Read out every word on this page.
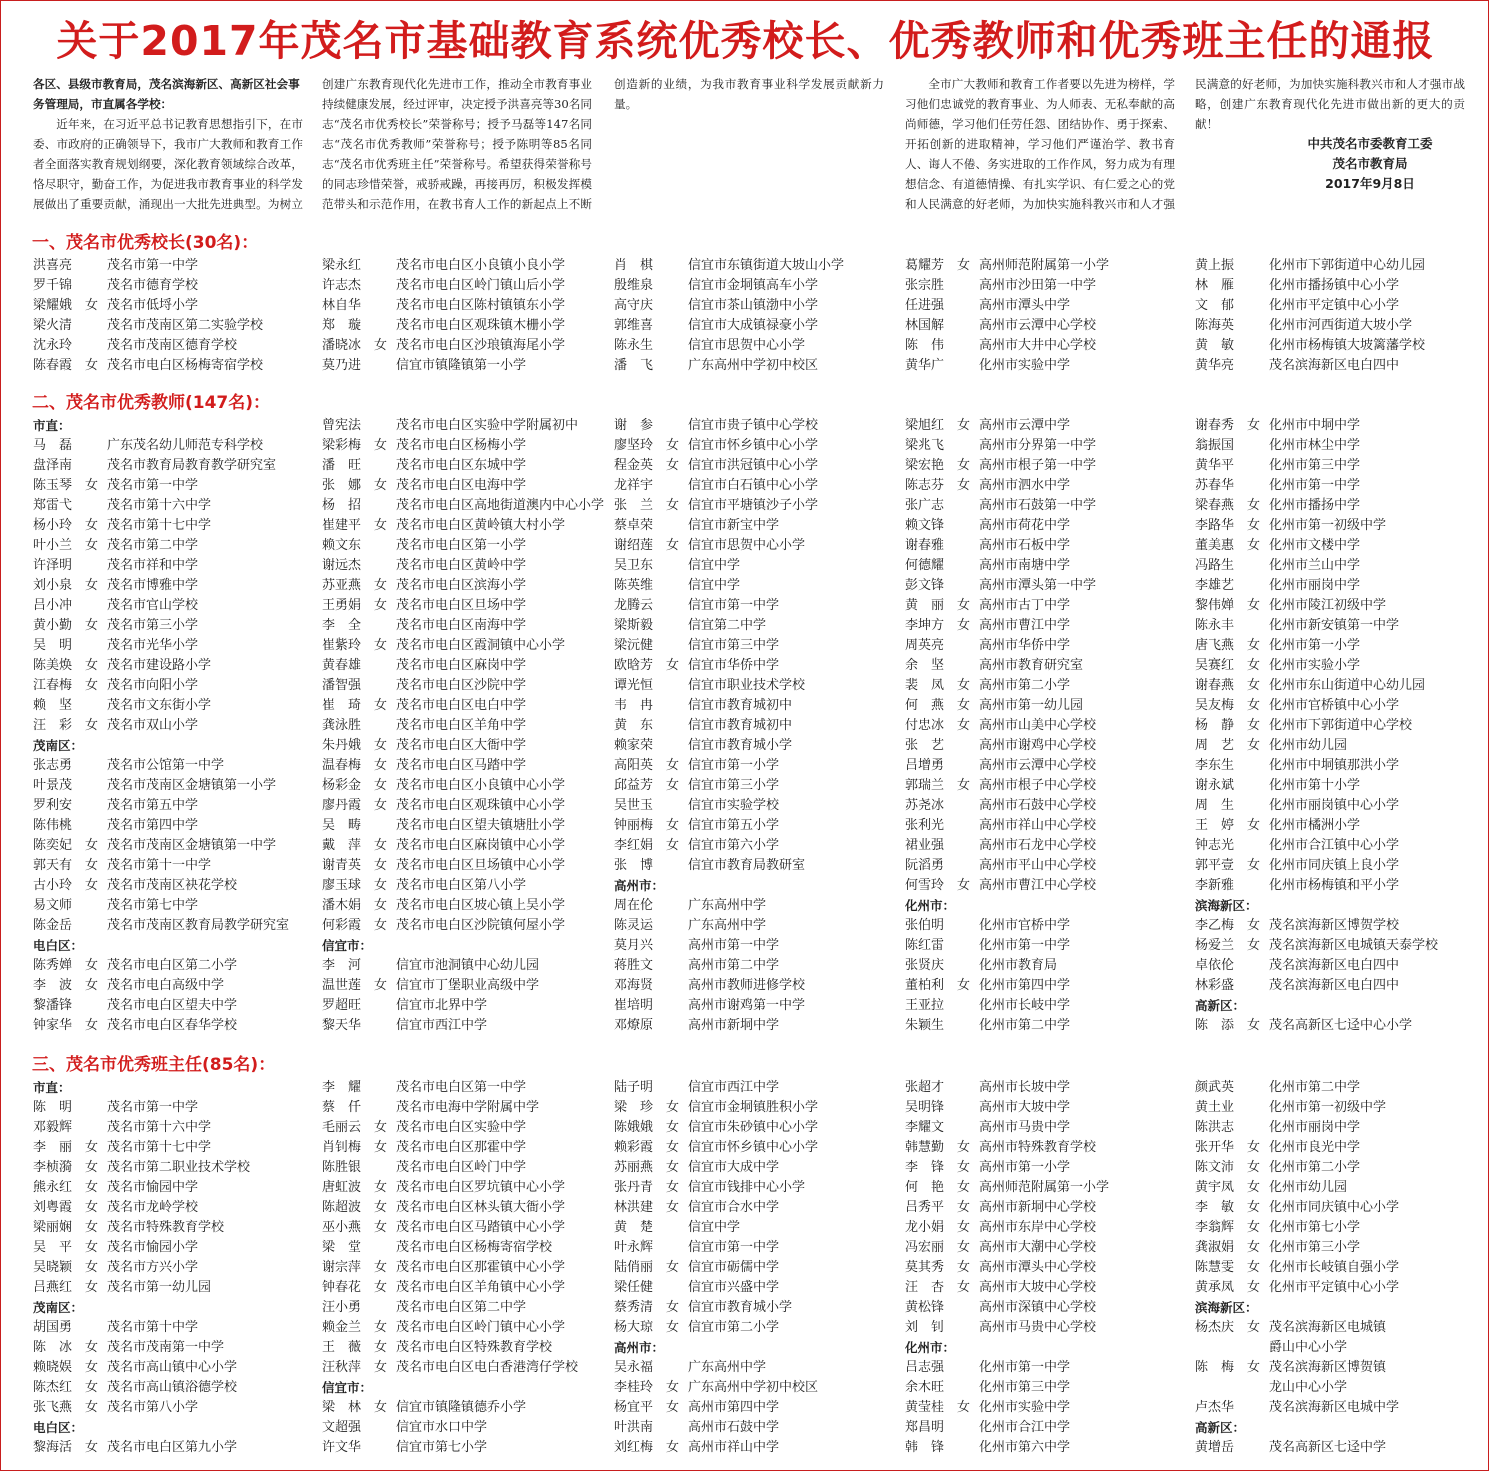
关于2017年茂名市基础教育系统优秀校长、优秀教师和优秀班主任的通报
各区、县级市教育局，茂名滨海新区、高新区社会事务管理局，市直属各学校：
近年来，在习近平总书记教育思想指引下，在市委、市政府的正确领导下，我市广大教师和教育工作者全面落实教育规划纲要，深化教育领域综合改革，恪尽职守，勤奋工作，为促进我市教育事业的科学发展做出了重要贡献，涌现出一大批先进典型。为树立
创建广东教育现代化先进市工作，推动全市教育事业持续健康发展，经过评审，决定授予洪喜亮等30名同志“茂名市优秀校长”荣誉称号；授予马磊等147名同志“茂名市优秀教师”荣誉称号；授予陈明等85名同志“茂名市优秀班主任”荣誉称号。希望获得荣誉称号的同志珍惜荣誉，戒骄戒躁，再接再厉，积极发挥模范带头和示范作用，在教书育人工作的新起点上不断
创造新的业绩，为我市教育事业科学发展贡献新力量。
全市广大教师和教育工作者要以先进为榜样，学习他们忠诚党的教育事业、为人师表、无私奉献的高尚师德，学习他们任劳任怨、团结协作、勇于探索、开拓创新的进取精神，学习他们严谨治学、教书育人、诲人不倦、务实进取的工作作风，努力成为有理想信念、有道德情操、有扎实学识、有仁爱之心的党和人民满意的好老师，为加快实施科教兴市和人才强
民满意的好老师，为加快实施科教兴市和人才强市战略，创建广东教育现代化先进市做出新的更大的贡献！
中共茂名市委教育工委
茂名市教育局
2017年9月8日
一、茂名市优秀校长(30名)：
二、茂名市优秀教师(147名)：
三、茂名市优秀班主任(85名)：
洪喜亮	茂名市第一中学
罗千锦	茂名市德育学校
梁耀娥 女 茂名市低埒小学
梁火清	茂名市茂南区第二实验学校
沈永玲	茂名市茂南区德育学校
陈春霞 女 茂名市电白区杨梅寄宿学校
梁永红	茂名市电白区小良镇小良小学
许志杰	茂名市电白区岭门镇山后小学
林自华	茂名市电白区陈村镇镇东小学
郑　璇	茂名市电白区观珠镇木栅小学
潘晓冰 女 茂名市电白区沙琅镇海尾小学
莫乃进	信宜市镇隆镇第一小学
肖　棋	信宜市东镇街道大坡山小学
殷维泉	信宜市金垌镇高车小学
高守庆	信宜市茶山镇渤中小学
郭维喜	信宜市大成镇禄豪小学
陈永生	信宜市思贺中心小学
潘　飞	广东高州中学初中校区
葛耀芳 女 高州师范附属第一小学
张宗胜	高州市沙田第一中学
任进强	高州市潭头中学
林国解	高州市云潭中心学校
陈　伟	高州市大井中心学校
黄华广	化州市实验中学
黄上振	化州市下郭街道中心幼儿园
林　雁	化州市播扬镇中心小学
文　郁	化州市平定镇中心小学
陈海英	化州市河西街道大坡小学
黄　敏	化州市杨梅镇大坡篱藩学校
黄华亮	茂名滨海新区电白四中
市直：
马　磊	广东茂名幼儿师范专科学校
盘泽南	茂名市教育局教育教学研究室
陈玉琴 女 茂名市第一中学
郑雷弋	茂名市第十六中学
杨小玲 女 茂名市第十七中学
叶小兰 女 茂名市第二中学
许泽明	茂名市祥和中学
刘小泉 女 茂名市博雅中学
吕小冲	茂名市官山学校
黄小勤 女 茂名市第三小学
吴　明	茂名市光华小学
陈美焕 女 茂名市建设路小学
江春梅 女 茂名市向阳小学
赖　坚	茂名市文东街小学
汪　彩 女 茂名市双山小学
茂南区：
张志勇	茂名市公馆第一中学
叶景茂	茂名市茂南区金塘镇第一小学
罗利安	茂名市第五中学
陈伟桃	茂名市第四中学
陈奕妃 女 茂名市茂南区金塘镇第一中学
郭天有 女 茂名市第十一中学
古小玲 女 茂名市茂南区袂花学校
易文师	茂名市第七中学
陈金岳	茂名市茂南区教育局教学研究室
电白区：
陈秀婵 女 茂名市电白区第二小学
李　波 女 茂名市电白高级中学
黎潘锋	茂名市电白区望夫中学
钟家华 女 茂名市电白区春华学校
曾宪法	茂名市电白区实验中学附属初中
梁彩梅 女 茂名市电白区杨梅小学
潘　旺	茂名市电白区东城中学
张　娜 女 茂名市电白区电海中学
杨　招	茂名市电白区高地街道澳内中心小学
崔建平 女 茂名市电白区黄岭镇大村小学
赖文东	茂名市电白区第一小学
谢远杰	茂名市电白区黄岭中学
苏亚燕 女 茂名市电白区滨海小学
王勇娟 女 茂名市电白区旦场中学
李　全	茂名市电白区南海中学
崔紫玲 女 茂名市电白区霞洞镇中心小学
黄春雄	茂名市电白区麻岗中学
潘智强	茂名市电白区沙院中学
崔　琦 女 茂名市电白区电白中学
龚泳胜	茂名市电白区羊角中学
朱丹娥 女 茂名市电白区大衙中学
温春梅 女 茂名市电白区马踏中学
杨彩金 女 茂名市电白区小良镇中心小学
廖丹霞 女 茂名市电白区观珠镇中心小学
吴　畴	茂名市电白区望夫镇塘肚小学
戴　萍 女 茂名市电白区麻岗镇中心小学
谢青英 女 茂名市电白区旦场镇中心小学
廖玉球 女 茂名市电白区第八小学
潘木娟 女 茂名市电白区坡心镇上吴小学
何彩霞 女 茂名市电白区沙院镇何屋小学
信宜市：
李　河	信宜市池洞镇中心幼儿园
温世莲 女 信宜市丁堡职业高级中学
罗超旺	信宜市北界中学
黎天华	信宜市西江中学
谢　参	信宜市贵子镇中心学校
廖坚玲 女 信宜市怀乡镇中心小学
程金英 女 信宜市洪冠镇中心小学
龙祥宇	信宜市白石镇中心小学
张　兰 女 信宜市平塘镇沙子小学
蔡卓荣	信宜市新宝中学
谢绍莲 女 信宜市思贺中心小学
吴卫东	信宜中学
陈英维	信宜中学
龙腾云	信宜市第一中学
梁斯毅	信宜第二中学
梁沅健	信宜市第三中学
欧晗芳 女 信宜市华侨中学
谭光恒	信宜市职业技术学校
韦　冉	信宜市教育城初中
黄　东	信宜市教育城初中
赖家荣	信宜市教育城小学
高阳英 女 信宜市第一小学
邱益芳 女 信宜市第三小学
吴世玉	信宜市实验学校
钟丽梅 女 信宜市第五小学
李红娟 女 信宜市第六小学
张　博	信宜市教育局教研室
高州市：
周在伦	广东高州中学
陈灵运	广东高州中学
莫月兴	高州市第一中学
蒋胜文	高州市第二中学
邓海贤	高州市教师进修学校
崔培明	高州市谢鸡第一中学
邓燎原	高州市新垌中学
梁旭红 女 高州市云潭中学
梁兆飞	高州市分界第一中学
梁宏艳 女 高州市根子第一中学
陈志芬 女 高州市泗水中学
张广志	高州市石鼓第一中学
赖文锋	高州市荷花中学
谢春雅	高州市石板中学
何德耀	高州市南塘中学
彭文锋	高州市潭头第一中学
黄　丽 女 高州市古丁中学
李坤方 女 高州市曹江中学
周英亮	高州市华侨中学
余　坚	高州市教育研究室
裴　凤 女 高州市第二小学
何　燕 女 高州市第一幼儿园
付忠冰 女 高州市山美中心学校
张　艺	高州市谢鸡中心学校
吕增勇	高州市云潭中心学校
郭瑞兰 女 高州市根子中心学校
苏尧冰	高州市石鼓中心学校
张利光	高州市祥山中心学校
裙业强	高州市石龙中心学校
阮滔勇	高州市平山中心学校
何雪玲 女 高州市曹江中心学校
化州市：
张伯明	化州市官桥中学
陈红雷	化州市第一中学
张贤庆	化州市教育局
董柏利 女 化州市第四中学
王亚拉	化州市长岐中学
朱颖生	化州市第二中学
谢春秀 女 化州市中垌中学
翁振国	化州市林尘中学
黄华平	化州市第三中学
苏春华	化州市第一中学
梁春燕 女 化州市播扬中学
李路华 女 化州市第一初级中学
董美惠 女 化州市文楼中学
冯路生	化州市兰山中学
李雄艺	化州市丽岗中学
黎伟婵 女 化州市陵江初级中学
陈永丰	化州市新安镇第一中学
唐飞燕 女 化州市第一小学
吴赛红 女 化州市实验小学
谢春燕 女 化州市东山街道中心幼儿园
吴友梅 女 化州市官桥镇中心小学
杨　静 女 化州市下郭街道中心学校
周　艺 女 化州市幼儿园
李东生	化州市中垌镇那洪小学
谢永斌	化州市第十小学
周　生	化州市丽岗镇中心小学
王　婷 女 化州市橘洲小学
钟志光	化州市合江镇中心小学
郭平壹 女 化州市同庆镇上良小学
李新雅	化州市杨梅镇和平小学
滨海新区：
李乙梅 女 茂名滨海新区博贺学校
杨爱兰 女 茂名滨海新区电城镇天泰学校
卓依伦	茂名滨海新区电白四中
林彩盛	茂名滨海新区电白四中
高新区：
陈　添 女 茂名高新区七迳中心小学
市直：
陈　明	茂名市第一中学
邓毅辉	茂名市第十六中学
李　丽 女 茂名市第十七中学
李桢漪 女 茂名市第二职业技术学校
熊永红 女 茂名市愉园中学
刘粤霞 女 茂名市龙岭学校
梁丽娴 女 茂名市特殊教育学校
吴　平 女 茂名市愉园小学
吴晓颖 女 茂名市方兴小学
吕燕红 女 茂名市第一幼儿园
茂南区：
胡国勇	茂名市第十中学
陈　冰 女 茂名市茂南第一中学
赖晓娱 女 茂名市高山镇中心小学
陈杰红 女 茂名市高山镇浴德学校
张飞燕 女 茂名市第八小学
电白区：
黎海活 女 茂名市电白区第九小学
李　耀	茂名市电白区第一中学
蔡　仟	茂名市电海中学附属中学
毛丽云 女 茂名市电白区实验中学
肖钊梅 女 茂名市电白区那霍中学
陈胜银	茂名市电白区岭门中学
唐虹波 女 茂名市电白区罗坑镇中心小学
陈超波 女 茂名市电白区林头镇大衙小学
巫小燕 女 茂名市电白区马踏镇中心小学
梁　堂	茂名市电白区杨梅寄宿学校
谢宗萍 女 茂名市电白区那霍镇中心小学
钟春花 女 茂名市电白区羊角镇中心小学
汪小勇	茂名市电白区第二中学
赖金兰 女 茂名市电白区岭门镇中心小学
王　薇 女 茂名市电白区特殊教育学校
汪秋萍 女 茂名市电白区电白香港湾仔学校
信宜市：
梁　林 女 信宜市镇隆镇德乔小学
文超强	信宜市水口中学
许文华	信宜市第七小学
陆子明	信宜市西江中学
梁　珍 女 信宜市金垌镇胜积小学
陈娥娥 女 信宜市朱砂镇中心小学
赖彩霞 女 信宜市怀乡镇中心小学
苏丽燕 女 信宜市大成中学
张丹青 女 信宜市钱排中心小学
林洪建 女 信宜市合水中学
黄　楚	信宜中学
叶永辉	信宜市第一中学
陆俏丽 女 信宜市砺儒中学
梁任健	信宜市兴盛中学
蔡秀清 女 信宜市教育城小学
杨大琼 女 信宜市第二小学
高州市：
吴永福	广东高州中学
李桂玲 女 广东高州中学初中校区
杨宜平 女 高州市第四中学
叶洪南	高州市石鼓中学
刘红梅 女 高州市祥山中学
张超才	高州市长坡中学
吴明锋	高州市大坡中学
李耀文	高州市马贵中学
韩慧勤 女 高州市特殊教育学校
李　锋 女 高州市第一小学
何　艳 女 高州师范附属第一小学
吕秀平 女 高州市新垌中心学校
龙小娟 女 高州市东岸中心学校
冯宏丽 女 高州市大潮中心学校
莫其秀 女 高州市潭头中心学校
汪　杏 女 高州市大坡中心学校
黄松锋	高州市深镇中心学校
刘　钊	高州市马贵中心学校
化州市：
吕志强	化州市第一中学
余木旺	化州市第三中学
黄莹桂 女 化州市实验中学
郑昌明	化州市合江中学
韩　锋	化州市第六中学
颜武英	化州市第二中学
黄土业	化州市第一初级中学
陈洪志	化州市丽岗中学
张开华 女 化州市良光中学
陈文沛 女 化州市第二小学
黄宇凤 女 化州市幼儿园
李　敏 女 化州市同庆镇中心小学
李翁辉 女 化州市第七小学
龚淑娟 女 化州市第三小学
陈慧雯 女 化州市长岐镇自强小学
黄承凤 女 化州市平定镇中心小学
滨海新区：
杨杰庆 女 茂名滨海新区电城镇
爵山中心小学
陈　梅 女 茂名滨海新区博贺镇
龙山中心小学
卢杰华	茂名滨海新区电城中学
高新区：
黄增岳	茂名高新区七迳中学
